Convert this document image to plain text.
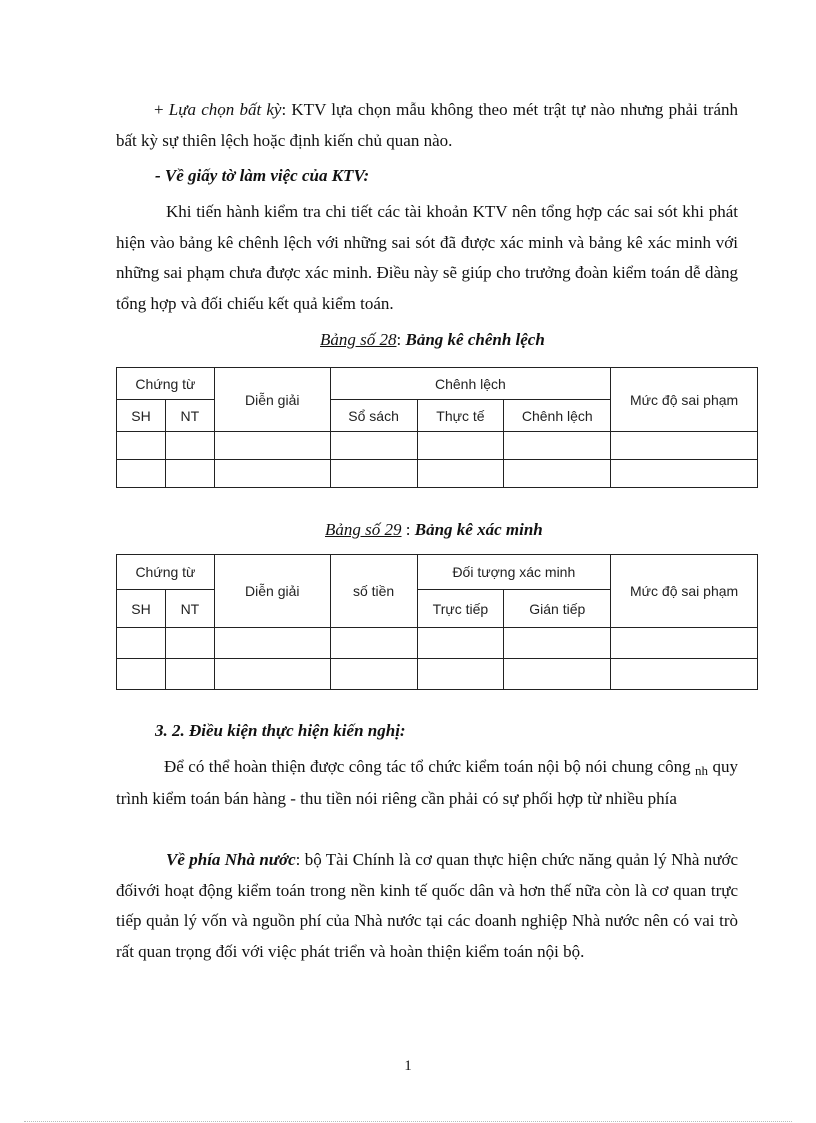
+ Lựa chọn bất kỳ: KTV lựa chọn mẫu không theo mét trật tự nào nhưng phải tránh bất kỳ sự thiên lệch hoặc định kiến chủ quan nào.

- Về giấy tờ làm việc của KTV:

Khi tiến hành kiểm tra chi tiết các tài khoản KTV nên tổng hợp các sai sót khi phát hiện vào bảng kê chênh lệch với những sai sót đã được xác minh và bảng kê xác minh với những sai phạm chưa được xác minh. Điều này sẽ giúp cho trưởng đoàn kiểm toán dễ dàng tổng hợp và đối chiếu kết quả kiểm toán.

Bảng số 28: Bảng kê chênh lệch

Chứng từ		Diễn giải	Chênh lệch			Mức độ sai phạm
SH	NT		Sổ sách	Thực tế	Chênh lệch	

Bảng số 29 : Bảng kê xác minh

Chứng từ		Diễn giải	số tiền	Đối tượng xác minh		Mức độ sai phạm
SH	NT			Trực tiếp	Gián tiếp	

3. 2. Điều kiện thực hiện kiến nghị:

Để có thể hoàn thiện được công tác tổ chức kiểm toán nội bộ nói chung công nh quy trình kiểm toán bán hàng - thu tiền nói riêng cần phải có sự phối hợp từ nhiều phía

Về phía Nhà nước: bộ Tài Chính là cơ quan thực hiện chức năng quản lý Nhà nước đốivới hoạt động kiểm toán trong nền kinh tế quốc dân và hơn thế nữa còn là cơ quan trực tiếp quản lý vốn và nguồn phí của Nhà nước tại các doanh nghiệp Nhà nước nên có vai trò rất quan trọng đối với việc phát triển và hoàn thiện kiểm toán nội bộ.

1
